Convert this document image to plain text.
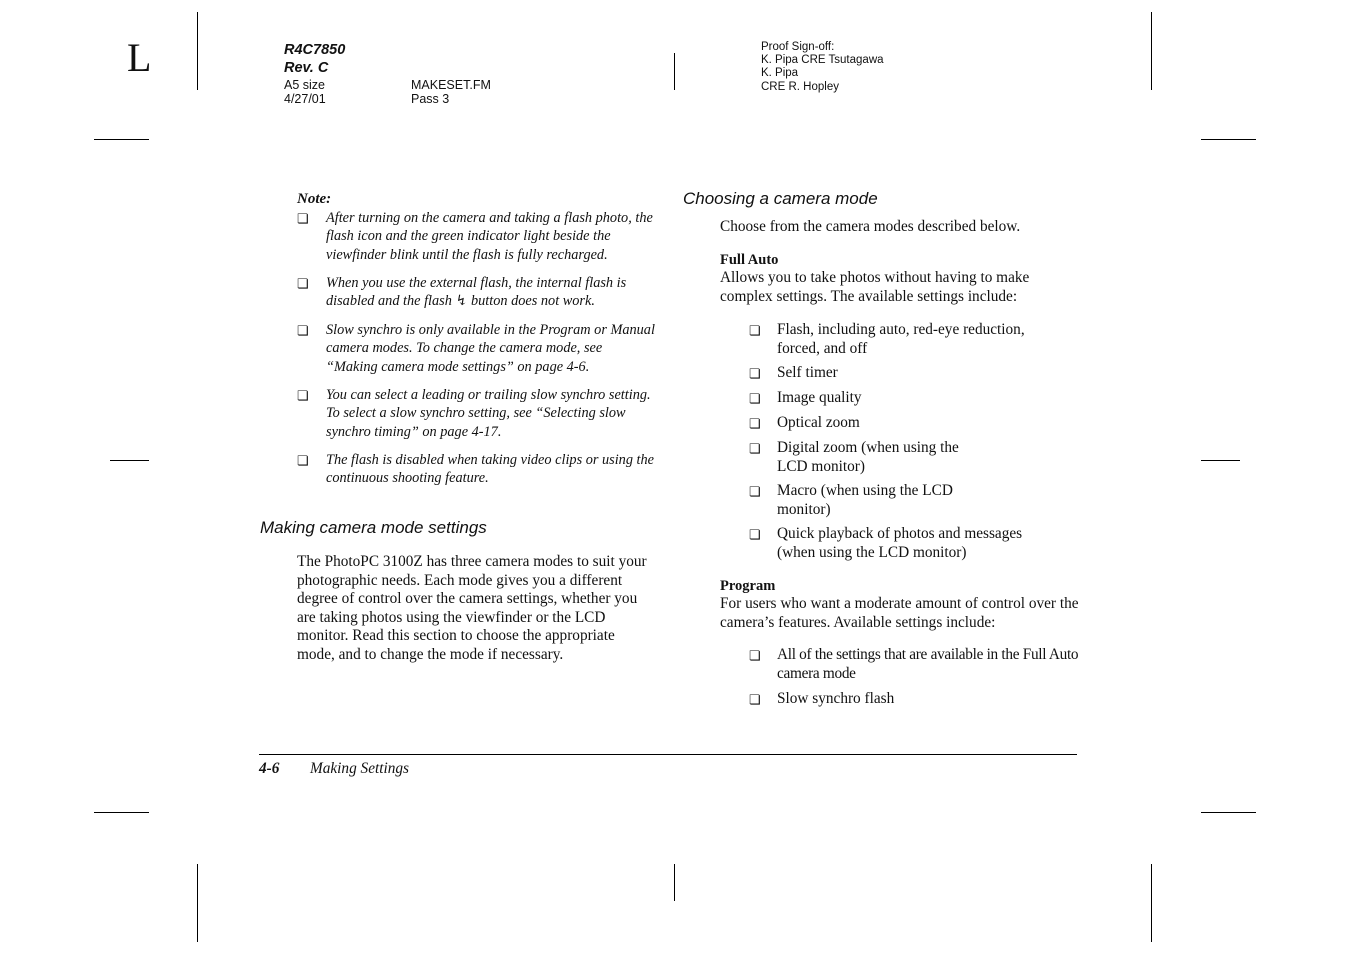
L	R4C7850
Rev. C
A5 size	MAKESET.FM
4/27/01	Pass 3
Proof Sign-off:
K. Pipa CRE Tsutagawa
K. Pipa
CRE R. Hopley
Note:
❏ After turning on the camera and taking a flash photo, the flash icon and the green indicator light beside the viewfinder blink until the flash is fully recharged.
❏ When you use the external flash, the internal flash is disabled and the flash ↯ button does not work.
❏ Slow synchro is only available in the Program or Manual camera modes. To change the camera mode, see “Making camera mode settings” on page 4-6.
❏ You can select a leading or trailing slow synchro setting. To select a slow synchro setting, see “Selecting slow synchro timing” on page 4-17.
❏ The flash is disabled when taking video clips or using the continuous shooting feature.
Making camera mode settings
The PhotoPC 3100Z has three camera modes to suit your photographic needs. Each mode gives you a different degree of control over the camera settings, whether you are taking photos using the viewfinder or the LCD monitor. Read this section to choose the appropriate mode, and to change the mode if necessary.
Choosing a camera mode
Choose from the camera modes described below.
Full Auto
Allows you to take photos without having to make complex settings. The available settings include:
❏ Flash, including auto, red-eye reduction, forced, and off
❏ Self timer
❏ Image quality
❏ Optical zoom
❏ Digital zoom (when using the LCD monitor)
❏ Macro (when using the LCD monitor)
❏ Quick playback of photos and messages (when using the LCD monitor)
Program
For users who want a moderate amount of control over the camera’s features. Available settings include:
❏ All of the settings that are available in the Full Auto camera mode
❏ Slow synchro flash
4-6 Making Settings
